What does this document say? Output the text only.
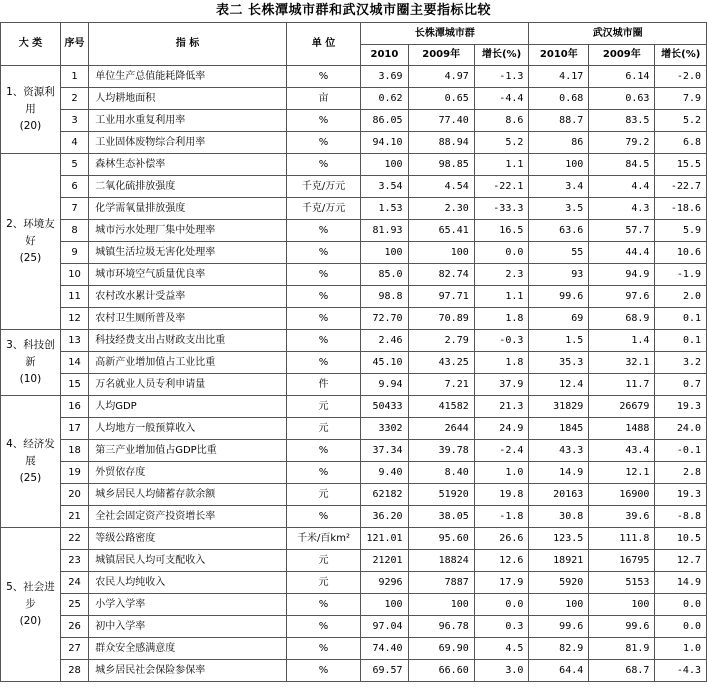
表二 长株潭城市群和武汉城市圈主要指标比较
大 类	序号	指 标	单 位	长株潭城市群			武汉城市圈		
				2010	2009年	增长(%)	2010年	2009年	增长(%)

1、资源利用
(20)	1	单位生产总值能耗降低率	%	3.69	4.97	-1.3	4.17	6.14	-2.0
	2	人均耕地面积	亩	0.62	0.65	-4.4	0.68	0.63	7.9
	3	工业用水重复利用率	%	86.05	77.40	8.6	88.7	83.5	5.2
	4	工业固体废物综合利用率	%	94.10	88.94	5.2	86	79.2	6.8

2、环境友好
(25)	5	森林生态补偿率	%	100	98.85	1.1	100	84.5	15.5
	6	二氧化硫排放强度	千克/万元	3.54	4.54	-22.1	3.4	4.4	-22.7
	7	化学需氧量排放强度	千克/万元	1.53	2.30	-33.3	3.5	4.3	-18.6
	8	城市污水处理厂集中处理率	%	81.93	65.41	16.5	63.6	57.7	5.9
	9	城镇生活垃圾无害化处理率	%	100	100	0.0	55	44.4	10.6
	10	城市环境空气质量优良率	%	85.0	82.74	2.3	93	94.9	-1.9
	11	农村改水累计受益率	%	98.8	97.71	1.1	99.6	97.6	2.0
	12	农村卫生厕所普及率	%	72.70	70.89	1.8	69	68.9	0.1

3、科技创新
(10)	13	科技经费支出占财政支出比重	%	2.46	2.79	-0.3	1.5	1.4	0.1
	14	高新产业增加值占工业比重	%	45.10	43.25	1.8	35.3	32.1	3.2
	15	万名就业人员专利申请量	件	9.94	7.21	37.9	12.4	11.7	0.7

4、经济发展
(25)	16	人均GDP	元	50433	41582	21.3	31829	26679	19.3
	17	人均地方一般预算收入	元	3302	2644	24.9	1845	1488	24.0
	18	第三产业增加值占GDP比重	%	37.34	39.78	-2.4	43.3	43.4	-0.1
	19	外贸依存度	%	9.40	8.40	1.0	14.9	12.1	2.8
	20	城乡居民人均储蓄存款余额	元	62182	51920	19.8	20163	16900	19.3
	21	全社会固定资产投资增长率	%	36.20	38.05	-1.8	30.8	39.6	-8.8

5、社会进步
(20)	22	等级公路密度	千米/百km²	121.01	95.60	26.6	123.5	111.8	10.5
	23	城镇居民人均可支配收入	元	21201	18824	12.6	18921	16795	12.7
	24	农民人均纯收入	元	9296	7887	17.9	5920	5153	14.9
	25	小学入学率	%	100	100	0.0	100	100	0.0
	26	初中入学率	%	97.04	96.78	0.3	99.6	99.6	0.0
	27	群众安全感满意度	%	74.40	69.90	4.5	82.9	81.9	1.0
	28	城乡居民社会保险参保率	%	69.57	66.60	3.0	64.4	68.7	-4.3
